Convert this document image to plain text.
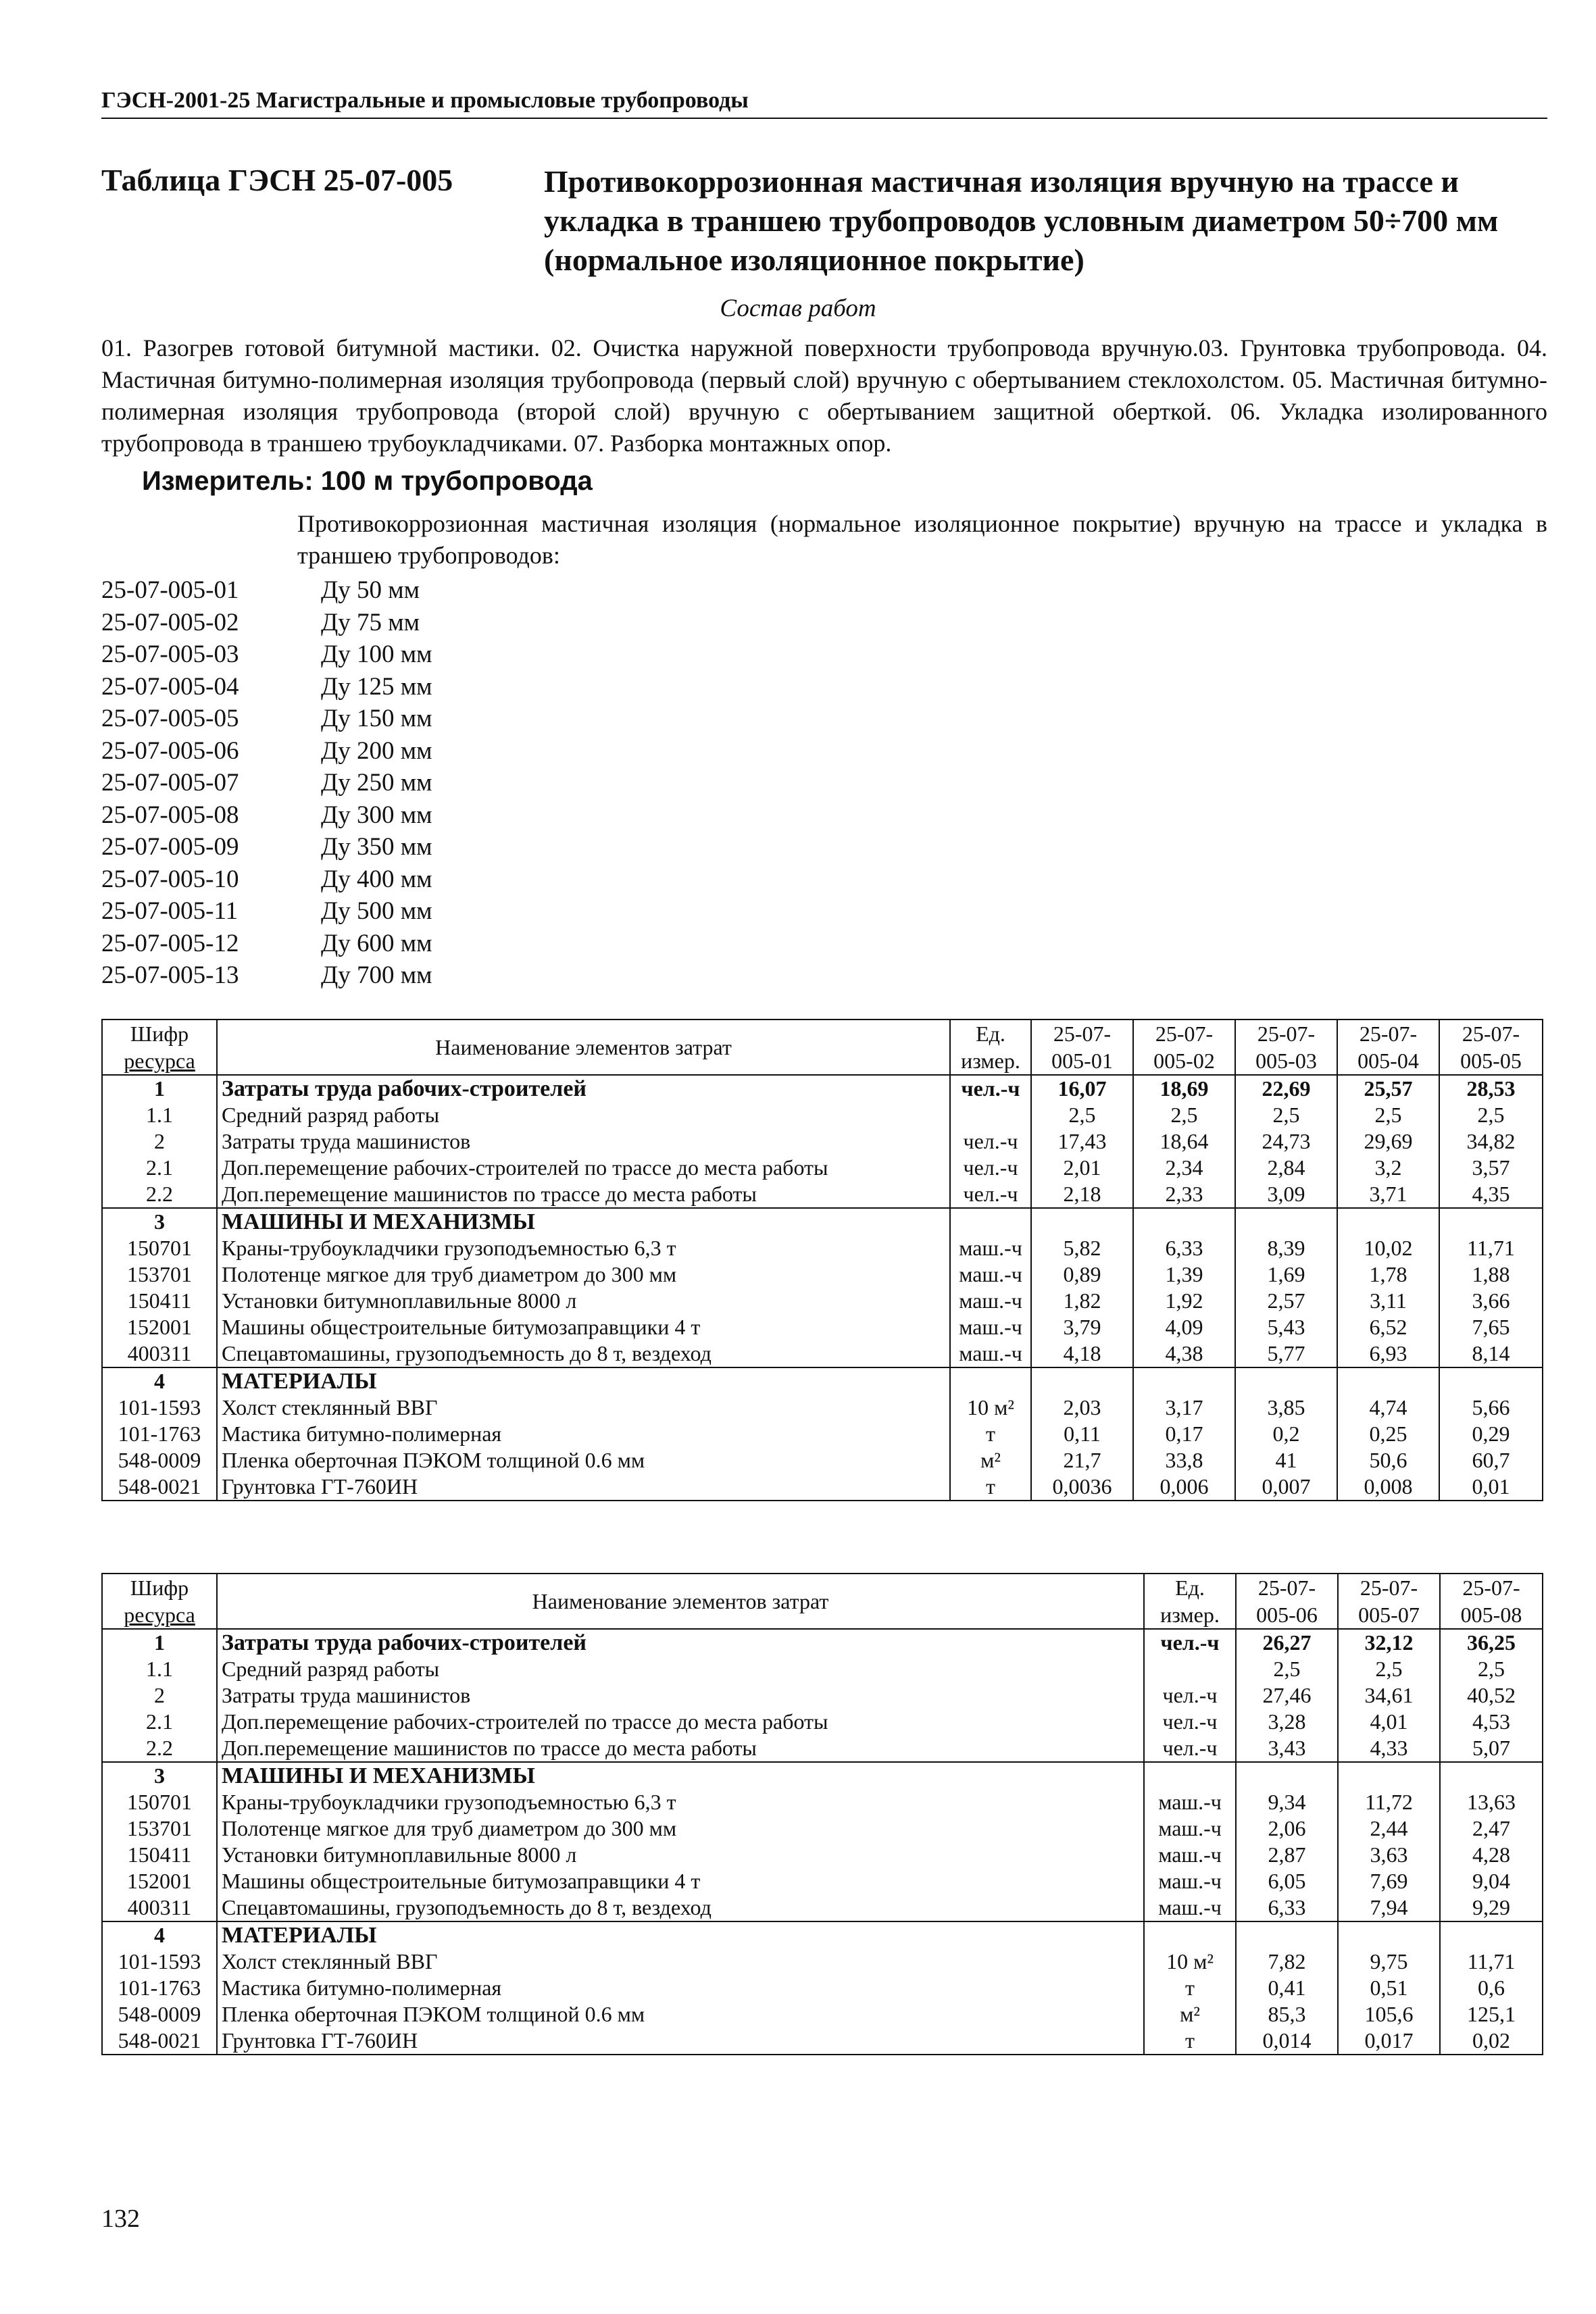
ГЭСН-2001-25 Магистральные и промысловые трубопроводы
Таблица ГЭСН 25-07-005	Противокоррозионная мастичная изоляция вручную на трассе и укладка в траншею трубопроводов условным диаметром 50÷700 мм (нормальное изоляционное покрытие)
Состав работ
01. Разогрев готовой битумной мастики. 02. Очистка наружной поверхности трубопровода вручную.03. Грунтовка трубопровода. 04. Мастичная битумно-полимерная изоляция трубопровода (первый слой) вручную с обертыванием стеклохолстом. 05. Мастичная битумно-полимерная изоляция трубопровода (второй слой) вручную с обертыванием защитной оберткой. 06. Укладка изолированного трубопровода в траншею трубоукладчиками. 07. Разборка монтажных опор.
Измеритель: 100 м трубопровода
Противокоррозионная мастичная изоляция (нормальное изоляционное покрытие) вручную на трассе и укладка в траншею трубопроводов:
25-07-005-01	Ду 50 мм
25-07-005-02	Ду 75 мм
25-07-005-03	Ду 100 мм
25-07-005-04	Ду 125 мм
25-07-005-05	Ду 150 мм
25-07-005-06	Ду 200 мм
25-07-005-07	Ду 250 мм
25-07-005-08	Ду 300 мм
25-07-005-09	Ду 350 мм
25-07-005-10	Ду 400 мм
25-07-005-11	Ду 500 мм
25-07-005-12	Ду 600 мм
25-07-005-13	Ду 700 мм
Шифр	Наименование элементов затрат	Ед.	25-07-	25-07-	25-07-	25-07-	25-07-
ресурса		измер.	005-01	005-02	005-03	005-04	005-05
1	Затраты труда рабочих-строителей	чел.-ч	16,07	18,69	22,69	25,57	28,53
1.1	Средний разряд работы		2,5	2,5	2,5	2,5	2,5
2	Затраты труда машинистов	чел.-ч	17,43	18,64	24,73	29,69	34,82
2.1	Доп.перемещение рабочих-строителей по трассе до места работы	чел.-ч	2,01	2,34	2,84	3,2	3,57
2.2	Доп.перемещение машинистов по трассе до места работы	чел.-ч	2,18	2,33	3,09	3,71	4,35
3	МАШИНЫ И МЕХАНИЗМЫ						
150701	Краны-трубоукладчики грузоподъемностью 6,3 т	маш.-ч	5,82	6,33	8,39	10,02	11,71
153701	Полотенце мягкое для труб диаметром до 300 мм	маш.-ч	0,89	1,39	1,69	1,78	1,88
150411	Установки битумноплавильные 8000 л	маш.-ч	1,82	1,92	2,57	3,11	3,66
152001	Машины общестроительные битумозаправщики 4 т	маш.-ч	3,79	4,09	5,43	6,52	7,65
400311	Спецавтомашины, грузоподъемность до 8 т, вездеход	маш.-ч	4,18	4,38	5,77	6,93	8,14
4	МАТЕРИАЛЫ						
101-1593	Холст стеклянный ВВГ	10 м²	2,03	3,17	3,85	4,74	5,66
101-1763	Мастика битумно-полимерная	т	0,11	0,17	0,2	0,25	0,29
548-0009	Пленка оберточная ПЭКОМ толщиной 0.6 мм	м²	21,7	33,8	41	50,6	60,7
548-0021	Грунтовка ГТ-760ИН	т	0,0036	0,006	0,007	0,008	0,01
Шифр	Наименование элементов затрат	Ед.	25-07-	25-07-	25-07-
ресурса		измер.	005-06	005-07	005-08
1	Затраты труда рабочих-строителей	чел.-ч	26,27	32,12	36,25
1.1	Средний разряд работы		2,5	2,5	2,5
2	Затраты труда машинистов	чел.-ч	27,46	34,61	40,52
2.1	Доп.перемещение рабочих-строителей по трассе до места работы	чел.-ч	3,28	4,01	4,53
2.2	Доп.перемещение машинистов по трассе до места работы	чел.-ч	3,43	4,33	5,07
3	МАШИНЫ И МЕХАНИЗМЫ				
150701	Краны-трубоукладчики грузоподъемностью 6,3 т	маш.-ч	9,34	11,72	13,63
153701	Полотенце мягкое для труб диаметром до 300 мм	маш.-ч	2,06	2,44	2,47
150411	Установки битумноплавильные 8000 л	маш.-ч	2,87	3,63	4,28
152001	Машины общестроительные битумозаправщики 4 т	маш.-ч	6,05	7,69	9,04
400311	Спецавтомашины, грузоподъемность до 8 т, вездеход	маш.-ч	6,33	7,94	9,29
4	МАТЕРИАЛЫ				
101-1593	Холст стеклянный ВВГ	10 м²	7,82	9,75	11,71
101-1763	Мастика битумно-полимерная	т	0,41	0,51	0,6
548-0009	Пленка оберточная ПЭКОМ толщиной 0.6 мм	м²	85,3	105,6	125,1
548-0021	Грунтовка ГТ-760ИН	т	0,014	0,017	0,02
132
